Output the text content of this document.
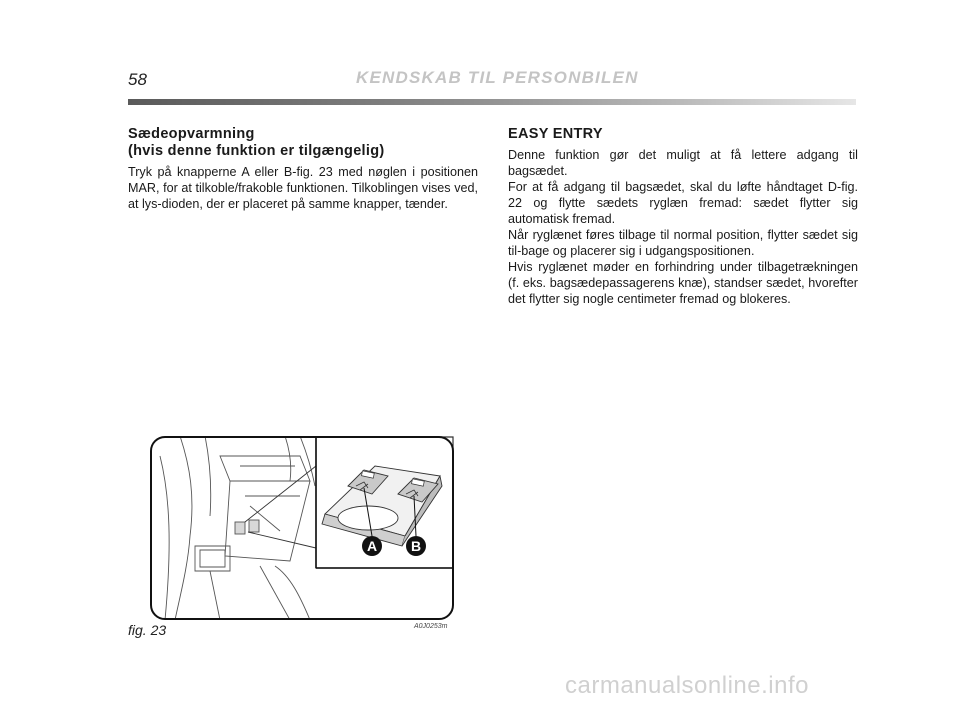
58	KENDSKAB TIL PERSONBILEN
Sædeopvarmning
(hvis denne funktion er tilgængelig)

Tryk på knapperne A eller B-fig. 23 med nøglen i positionen MAR, for at tilkoble/frakoble funktionen. Tilkoblingen vises ved, at lys-dioden, der er placeret på samme knapper, tænder.

EASY ENTRY

Denne funktion gør det muligt at få lettere adgang til bagsædet.

For at få adgang til bagsædet, skal du løfte håndtaget D-fig. 22 og flytte sædets ryglæn fremad: sædet flytter sig automatisk fremad.

Når ryglænet føres tilbage til normal position, flytter sædet sig til-bage og placerer sig i udgangspositionen.

Hvis ryglænet møder en forhindring under tilbagetrækningen (f. eks. bagsædepassagerens knæ), standser sædet, hvorefter det flytter sig nogle centimeter fremad og blokeres.

A B
fig. 23	A0J0253m
carmanualsonline.info
